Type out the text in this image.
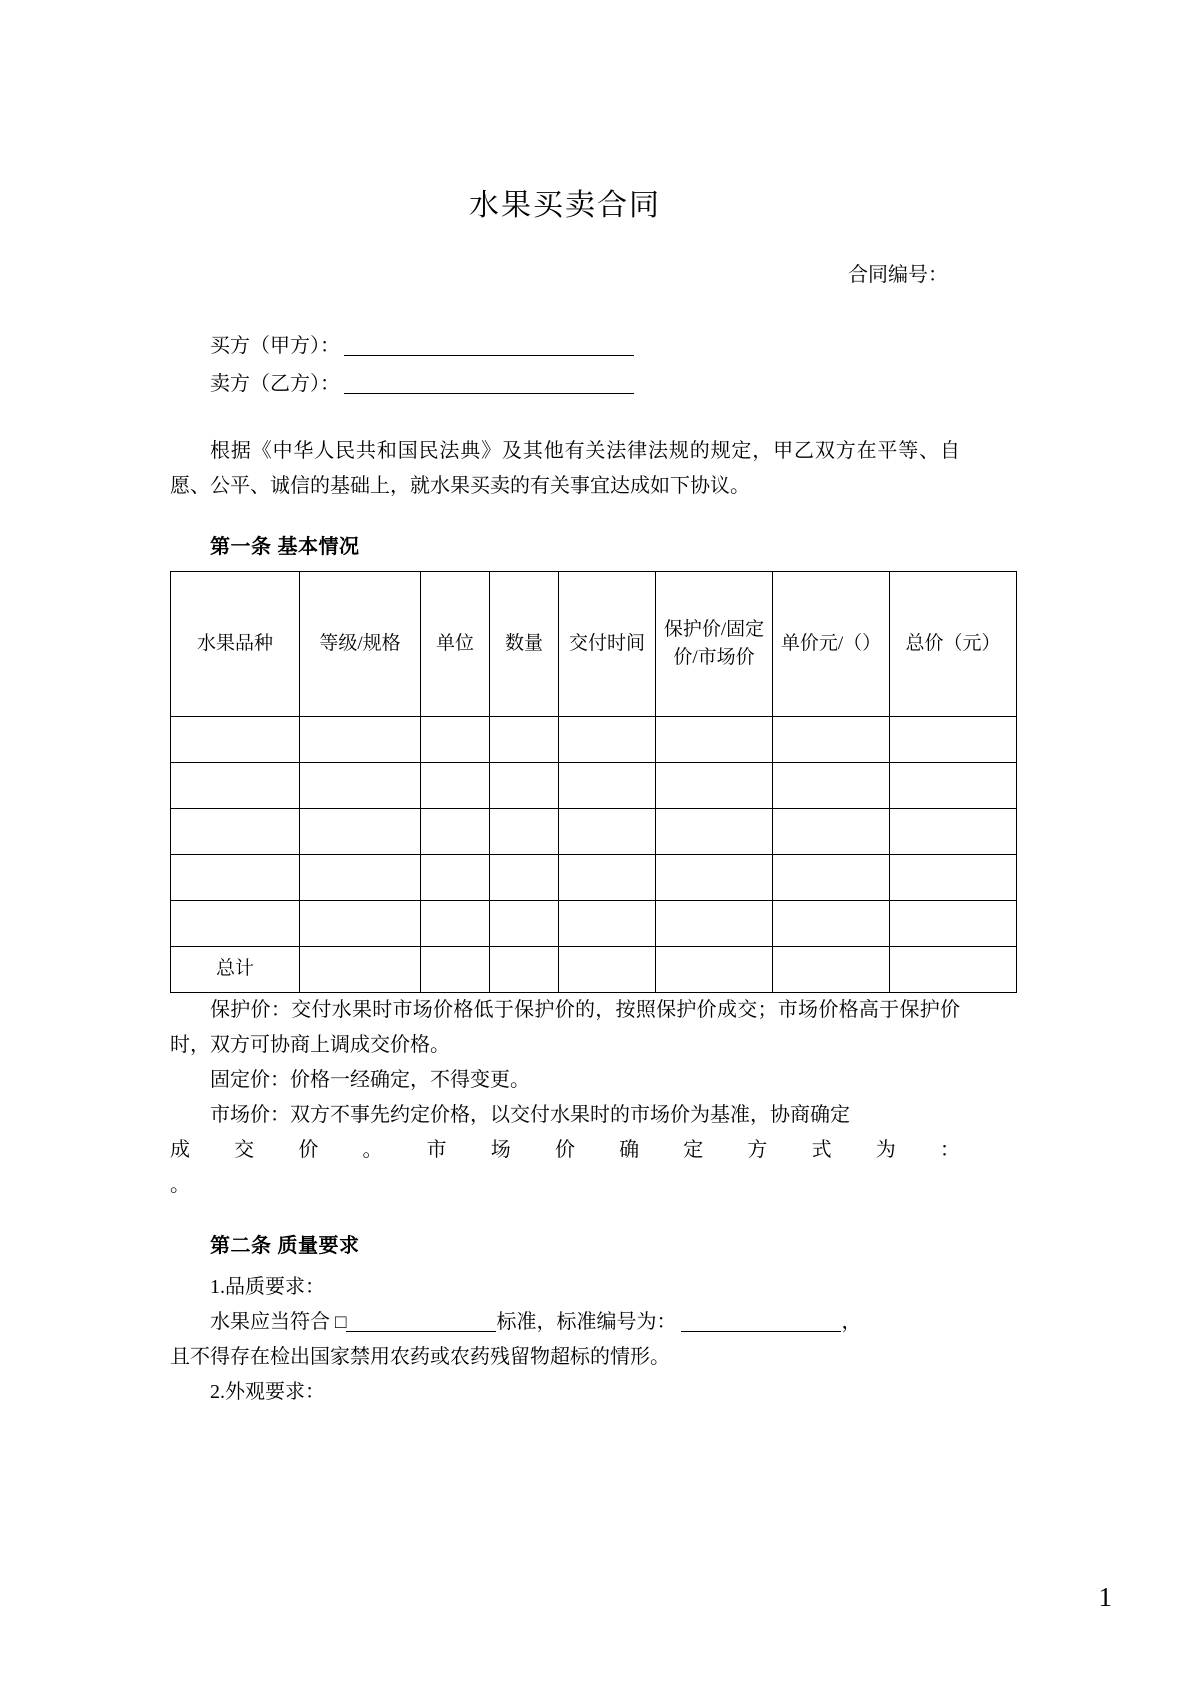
水果买卖合同
合同编号：
买方（甲方）：
卖方（乙方）：

根据《中华人民共和国民法典》及其他有关法律法规的规定，甲乙双方在平等、自愿、公平、诚信的基础上，就水果买卖的有关事宜达成如下协议。

第一条 基本情况
水果品种	等级/规格	单位	数量	交付时间	保护价/固定价/市场价	单价元/（）	总价（元）

总计							

保护价：交付水果时市场价格低于保护价的，按照保护价成交；市场价格高于保护价时，双方可协商上调成交价格。

固定价：价格一经确定，不得变更。

市场价：双方不事先约定价格，以交付水果时的市场价为基准，协商确定

成 交 价 。 市 场 价 确 定 方 式 为 ：
。
第二条 质量要求

1.品质要求：

水果应当符合 □	标准，标准编号为：	，

且不得存在检出国家禁用农药或农药残留物超标的情形。

2.外观要求：

1
